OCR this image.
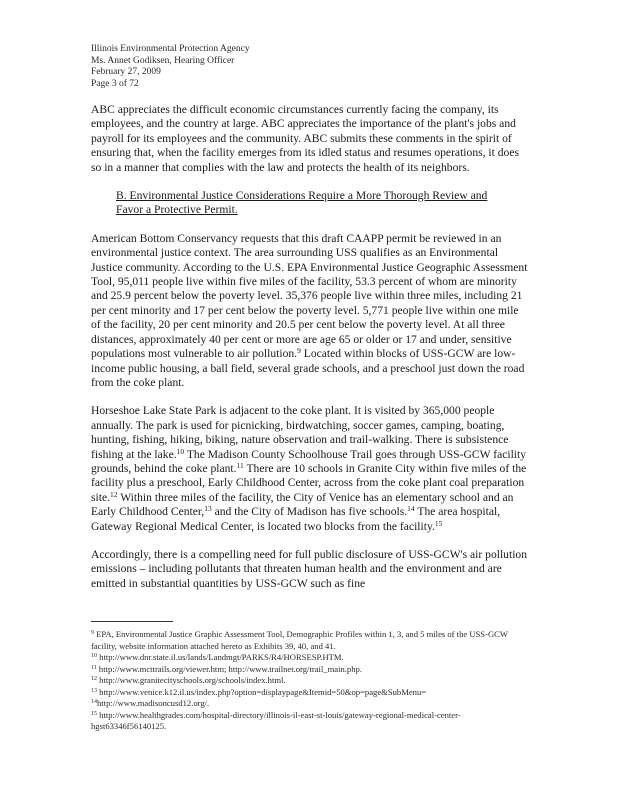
Illinois Environmental Protection Agency
Ms. Annet Godiksen, Hearing Officer
February 27, 2009
Page 3 of 72

ABC appreciates the difficult economic circumstances currently facing the company, its employees, and the country at large. ABC appreciates the importance of the plant's jobs and payroll for its employees and the community. ABC submits these comments in the spirit of ensuring that, when the facility emerges from its idled status and resumes operations, it does so in a manner that complies with the law and protects the health of its neighbors.

B. Environmental Justice Considerations Require a More Thorough Review and Favor a Protective Permit.

American Bottom Conservancy requests that this draft CAAPP permit be reviewed in an environmental justice context. The area surrounding USS qualifies as an Environmental Justice community. According to the U.S. EPA Environmental Justice Geographic Assessment Tool, 95,011 people live within five miles of the facility, 53.3 percent of whom are minority and 25.9 percent below the poverty level. 35,376 people live within three miles, including 21 per cent minority and 17 per cent below the poverty level. 5,771 people live within one mile of the facility, 20 per cent minority and 20.5 per cent below the poverty level. At all three distances, approximately 40 per cent or more are age 65 or older or 17 and under, sensitive populations most vulnerable to air pollution.$^9$ Located within blocks of USS-GCW are low-income public housing, a ball field, several grade schools, and a preschool just down the road from the coke plant.

Horseshoe Lake State Park is adjacent to the coke plant. It is visited by 365,000 people annually. The park is used for picnicking, birdwatching, soccer games, camping, boating, hunting, fishing, hiking, biking, nature observation and trail-walking. There is subsistence fishing at the lake.$^{10}$ The Madison County Schoolhouse Trail goes through USS-GCW facility grounds, behind the coke plant.$^{11}$ There are 10 schools in Granite City within five miles of the facility plus a preschool, Early Childhood Center, across from the coke plant coal preparation site.$^{12}$ Within three miles of the facility, the City of Venice has an elementary school and an Early Childhood Center,$^{13}$ and the City of Madison has five schools.$^{14}$ The area hospital, Gateway Regional Medical Center, is located two blocks from the facility.$^{15}$

Accordingly, there is a compelling need for full public disclosure of USS-GCW's air pollution emissions – including pollutants that threaten human health and the environment and are emitted in substantial quantities by USS-GCW such as fine

$^9$ EPA, Environmental Justice Graphic Assessment Tool, Demographic Profiles within 1, 3, and 5 miles of the USS-GCW facility, website information attached hereto as Exhibits 39, 40, and 41.
$^{10}$ http://www.dnr.state.il.us/lands/Landmgt/PARKS/R4/HORSESP.HTM.
$^{11}$ http://www.mcttrails.org/viewer.htm; http://www.trailnet.org/trail_main.php.
$^{12}$ http://www.granitecityschools.org/schools/index.html.
$^{13}$ http://www.venice.k12.il.us/index.php?option=displaypage&Itemid=50&op=page&SubMenu=
$^{14}$http://www.madisoncusd12.org/.
$^{15}$ http://www.healthgrades.com/hospital-directory/illinois-il-east-st-louis/gateway-regional-medical-center-hgst63346f56140125.
